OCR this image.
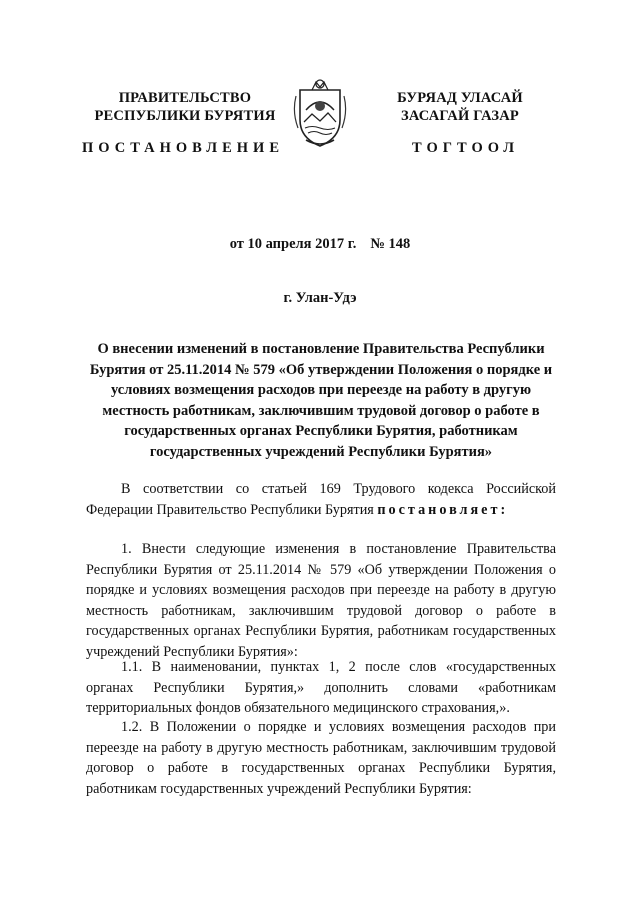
ПРАВИТЕЛЬСТВО
РЕСПУБЛИКИ БУРЯТИЯ
БУРЯАД УЛАСАЙ
ЗАСАГАЙ ГАЗАР
ПОСТАНОВЛЕНИЕ	ТОГТООЛ
от 10 апреля 2017 г. № 148
г. Улан-Удэ
О внесении изменений в постановление Правительства Республики Бурятия от 25.11.2014 № 579 «Об утверждении Положения о порядке и условиях возмещения расходов при переезде на работу в другую местность работникам, заключившим трудовой договор о работе в государственных органах Республики Бурятия, работникам государственных учреждений Республики Бурятия»

В соответствии со статьей 169 Трудового кодекса Российской Федерации Правительство Республики Бурятия постановляет:

1. Внести следующие изменения в постановление Правительства Республики Бурятия от 25.11.2014 № 579 «Об утверждении Положения о порядке и условиях возмещения расходов при переезде на работу в другую местность работникам, заключившим трудовой договор о работе в государственных органах Республики Бурятия, работникам государственных учреждений Республики Бурятия»:

1.1. В наименовании, пунктах 1, 2 после слов «государственных органах Республики Бурятия,» дополнить словами «работникам территориальных фондов обязательного медицинского страхования,».

1.2. В Положении о порядке и условиях возмещения расходов при переезде на работу в другую местность работникам, заключившим трудовой договор о работе в государственных органах Республики Бурятия, работникам государственных учреждений Республики Бурятия:
